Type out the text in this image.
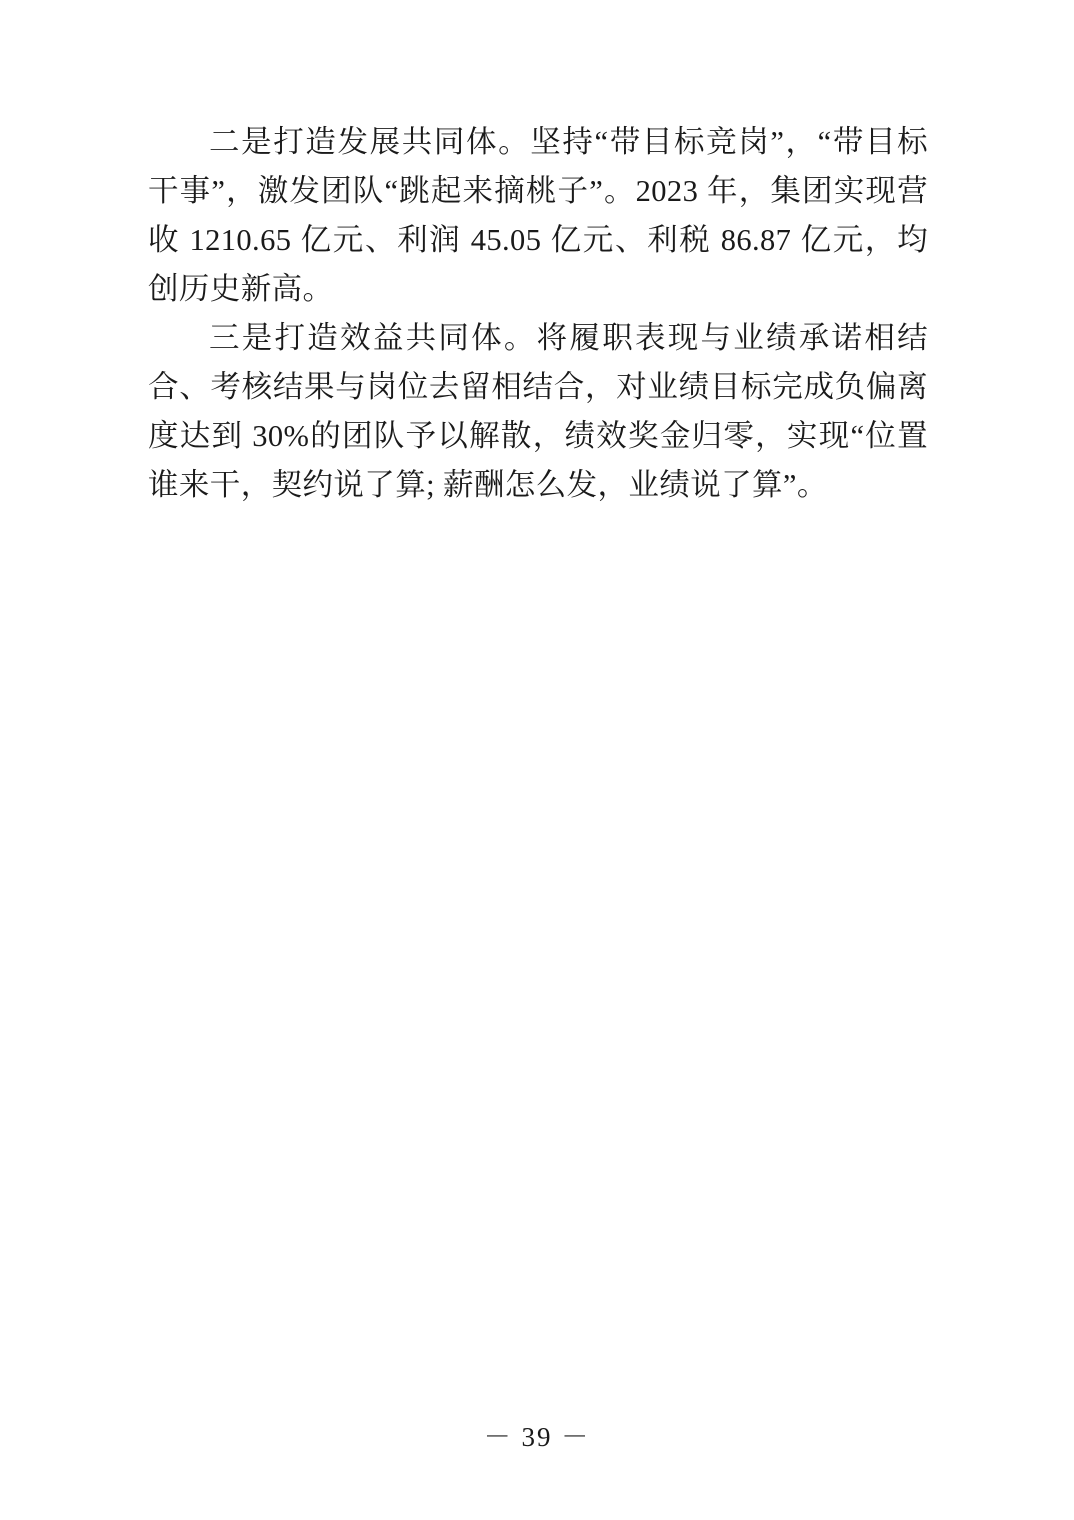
二是打造发展共同体。坚持“带目标竞岗”，“带目标干事”，激发团队“跳起来摘桃子”。2023 年，集团实现营收 1210.65 亿元、利润 45.05 亿元、利税 86.87 亿元，均创历史新高。

三是打造效益共同体。将履职表现与业绩承诺相结合、考核结果与岗位去留相结合，对业绩目标完成负偏离度达到 30%的团队予以解散，绩效奖金归零，实现“位置谁来干，契约说了算; 薪酬怎么发，业绩说了算”。

－ 39 －
